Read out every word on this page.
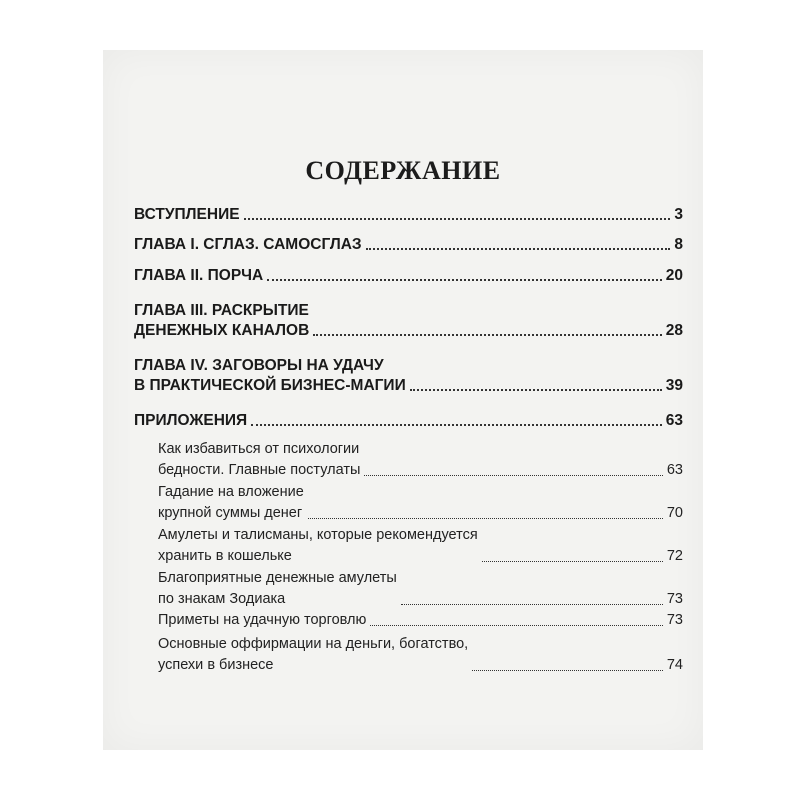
СОДЕРЖАНИЕ
ВСТУПЛЕНИЕ	3
ГЛАВА I. СГЛАЗ. САМОСГЛАЗ	8
ГЛАВА II. ПОРЧА	20
ГЛАВА III. РАСКРЫТИЕ
ДЕНЕЖНЫХ КАНАЛОВ	28
ГЛАВА IV. ЗАГОВОРЫ НА УДАЧУ
В ПРАКТИЧЕСКОЙ БИЗНЕС-МАГИИ	39
ПРИЛОЖЕНИЯ	63
Как избавиться от психологии
бедности. Главные постулаты	63
Гадание на вложение
крупной суммы денег	70
Амулеты и талисманы, которые рекомендуется
хранить в кошельке	72
Благоприятные денежные амулеты
по знакам Зодиака	73
Приметы на удачную торговлю	73
Основные оффирмации на деньги, богатство,
успехи в бизнесе	74
